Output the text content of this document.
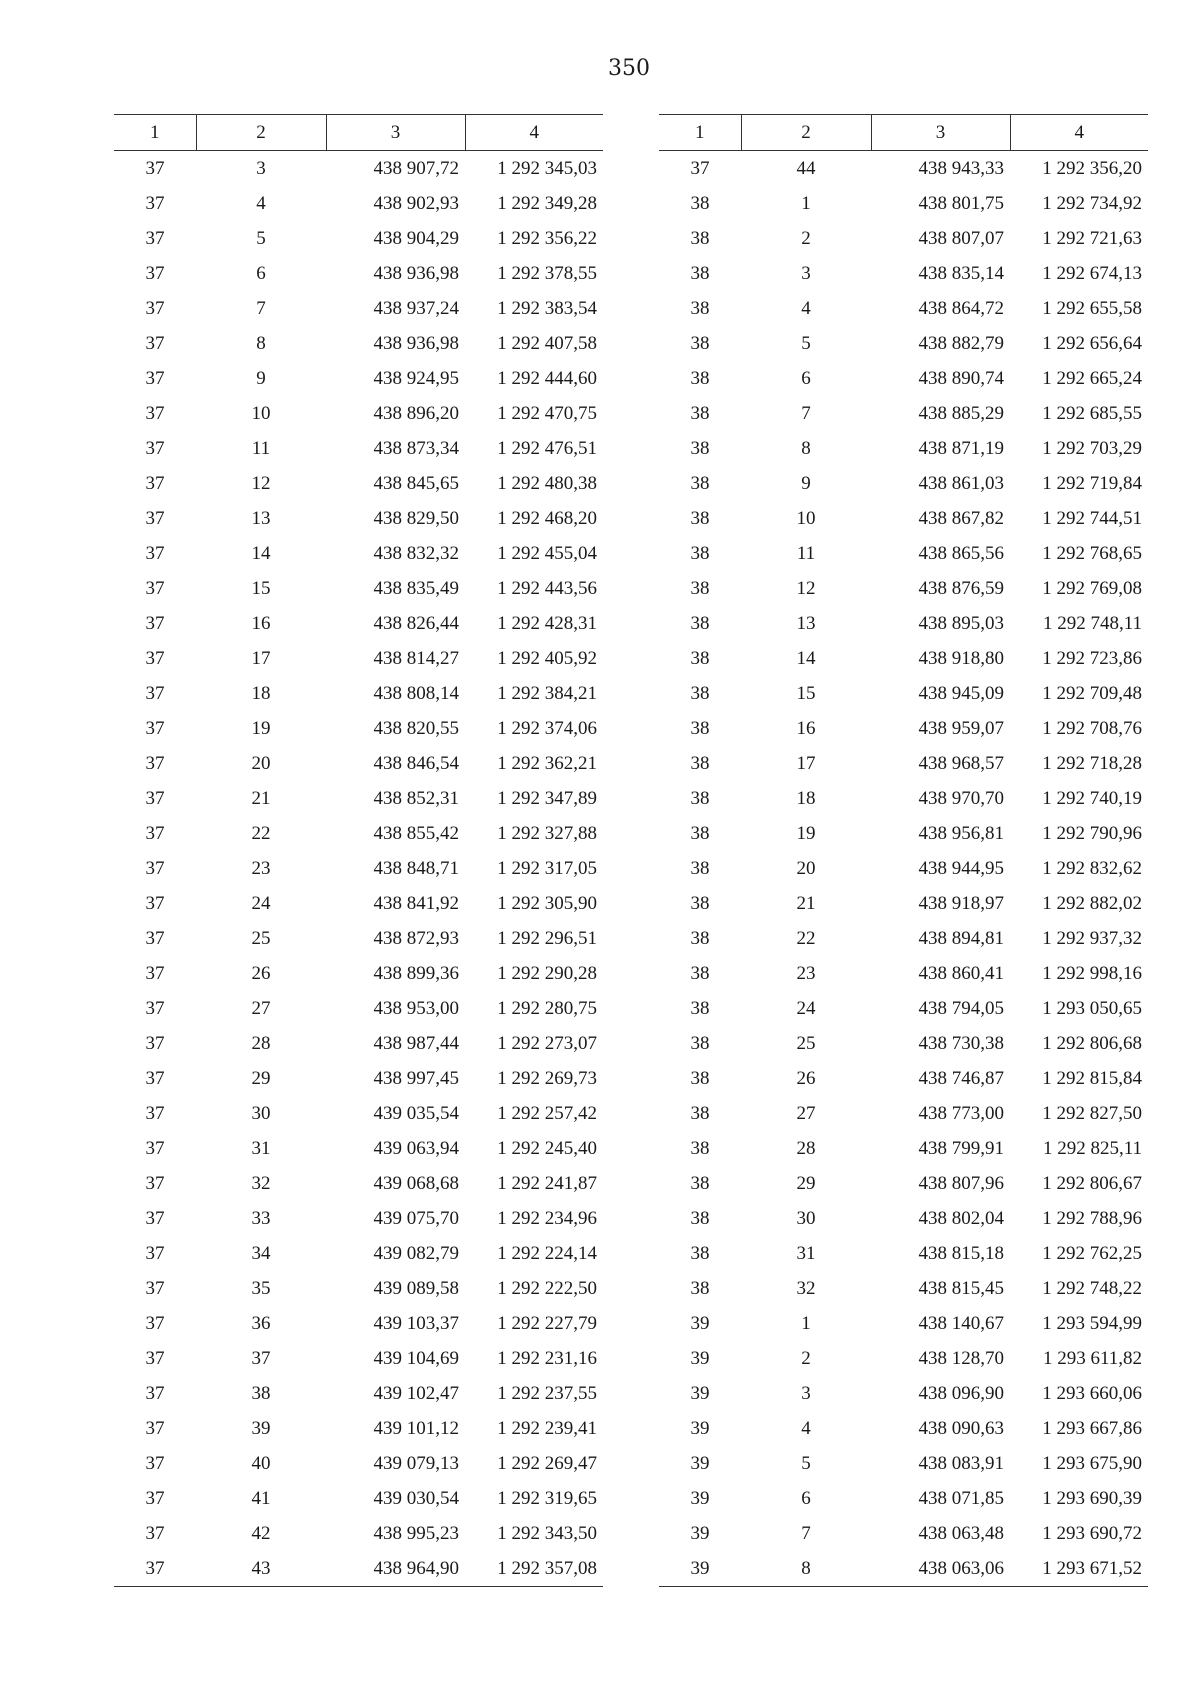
350
1	2	3	4
37	3	438 907,72	1 292 345,03
37	4	438 902,93	1 292 349,28
37	5	438 904,29	1 292 356,22
37	6	438 936,98	1 292 378,55
37	7	438 937,24	1 292 383,54
37	8	438 936,98	1 292 407,58
37	9	438 924,95	1 292 444,60
37	10	438 896,20	1 292 470,75
37	11	438 873,34	1 292 476,51
37	12	438 845,65	1 292 480,38
37	13	438 829,50	1 292 468,20
37	14	438 832,32	1 292 455,04
37	15	438 835,49	1 292 443,56
37	16	438 826,44	1 292 428,31
37	17	438 814,27	1 292 405,92
37	18	438 808,14	1 292 384,21
37	19	438 820,55	1 292 374,06
37	20	438 846,54	1 292 362,21
37	21	438 852,31	1 292 347,89
37	22	438 855,42	1 292 327,88
37	23	438 848,71	1 292 317,05
37	24	438 841,92	1 292 305,90
37	25	438 872,93	1 292 296,51
37	26	438 899,36	1 292 290,28
37	27	438 953,00	1 292 280,75
37	28	438 987,44	1 292 273,07
37	29	438 997,45	1 292 269,73
37	30	439 035,54	1 292 257,42
37	31	439 063,94	1 292 245,40
37	32	439 068,68	1 292 241,87
37	33	439 075,70	1 292 234,96
37	34	439 082,79	1 292 224,14
37	35	439 089,58	1 292 222,50
37	36	439 103,37	1 292 227,79
37	37	439 104,69	1 292 231,16
37	38	439 102,47	1 292 237,55
37	39	439 101,12	1 292 239,41
37	40	439 079,13	1 292 269,47
37	41	439 030,54	1 292 319,65
37	42	438 995,23	1 292 343,50
37	43	438 964,90	1 292 357,08
1	2	3	4
37	44	438 943,33	1 292 356,20
38	1	438 801,75	1 292 734,92
38	2	438 807,07	1 292 721,63
38	3	438 835,14	1 292 674,13
38	4	438 864,72	1 292 655,58
38	5	438 882,79	1 292 656,64
38	6	438 890,74	1 292 665,24
38	7	438 885,29	1 292 685,55
38	8	438 871,19	1 292 703,29
38	9	438 861,03	1 292 719,84
38	10	438 867,82	1 292 744,51
38	11	438 865,56	1 292 768,65
38	12	438 876,59	1 292 769,08
38	13	438 895,03	1 292 748,11
38	14	438 918,80	1 292 723,86
38	15	438 945,09	1 292 709,48
38	16	438 959,07	1 292 708,76
38	17	438 968,57	1 292 718,28
38	18	438 970,70	1 292 740,19
38	19	438 956,81	1 292 790,96
38	20	438 944,95	1 292 832,62
38	21	438 918,97	1 292 882,02
38	22	438 894,81	1 292 937,32
38	23	438 860,41	1 292 998,16
38	24	438 794,05	1 293 050,65
38	25	438 730,38	1 292 806,68
38	26	438 746,87	1 292 815,84
38	27	438 773,00	1 292 827,50
38	28	438 799,91	1 292 825,11
38	29	438 807,96	1 292 806,67
38	30	438 802,04	1 292 788,96
38	31	438 815,18	1 292 762,25
38	32	438 815,45	1 292 748,22
39	1	438 140,67	1 293 594,99
39	2	438 128,70	1 293 611,82
39	3	438 096,90	1 293 660,06
39	4	438 090,63	1 293 667,86
39	5	438 083,91	1 293 675,90
39	6	438 071,85	1 293 690,39
39	7	438 063,48	1 293 690,72
39	8	438 063,06	1 293 671,52
